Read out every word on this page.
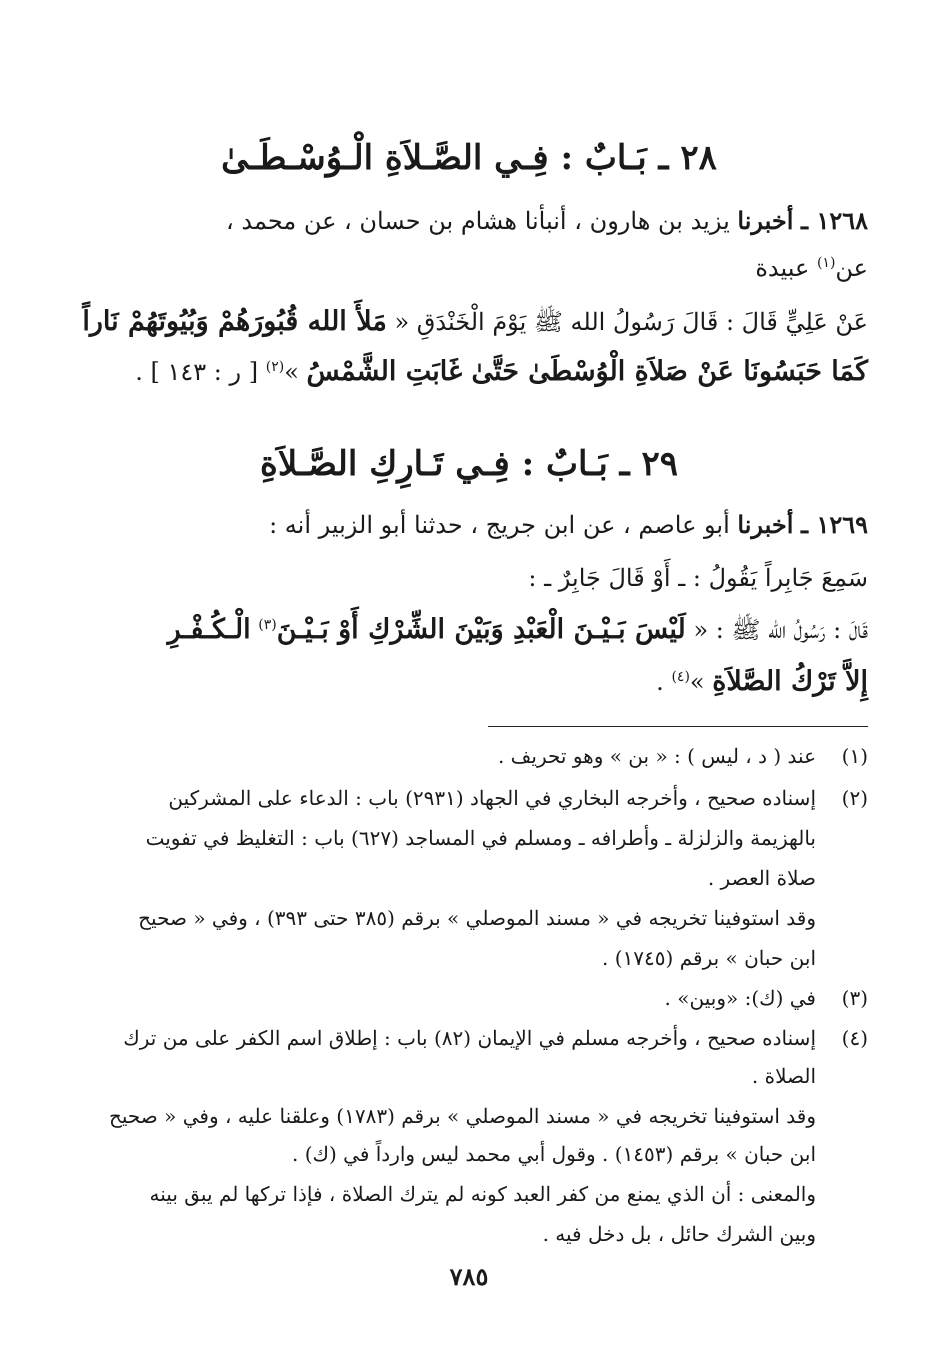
٢٨ ـ بَـابٌ : فِـي الصَّـلاَةِ الْـوُسْـطَـىٰ
١٢٦٨ ـ أخبرنا يزيد بن هارون ، أنبأنا هشام بن حسان ، عن محمد ،
عن$^{(١)}$ عبيدة
عَنْ عَلِيٍّ قَالَ : قَالَ رَسُولُ الله ﷺ يَوْمَ الْخَنْدَقِ « مَلأَ الله قُبُورَهُمْ وَبُيُوتَهُمْ نَاراً
كَمَا حَبَسُونَا عَنْ صَلاَةِ الْوُسْطَىٰ حَتَّىٰ غَابَتِ الشَّمْسُ »$^{(٢)}$ [ ر : ١٤٣ ] .
٢٩ ـ بَـابٌ : فِـي تَـارِكِ الصَّـلاَةِ
١٢٦٩ ـ أخبرنا أبو عاصم ، عن ابن جريج ، حدثنا أبو الزبير أنه :
سَمِعَ جَابِراً يَقُولُ : ـ أَوْ قَالَ جَابِرٌ ـ :
قَالَ : رَسُولُ الله ﷺ : « لَيْسَ بَـيْـنَ الْعَبْدِ وَبَيْنَ الشِّرْكِ أَوْ بَـيْـنَ$^{(٣)}$ الْـكُـفْـرِ
إِلاَّ تَرْكُ الصَّلاَةِ »$^{(٤)}$ .
(١)
عند ( د ، ليس ) : « بن » وهو تحريف .
(٢)
إسناده صحيح ، وأخرجه البخاري في الجهاد (٢٩٣١) باب : الدعاء على المشركين
بالهزيمة والزلزلة ـ وأطرافه ـ ومسلم في المساجد (٦٢٧) باب : التغليظ في تفويت
صلاة العصر .
وقد استوفينا تخريجه في « مسند الموصلي » برقم (٣٨٥ حتى ٣٩٣) ، وفي « صحيح
ابن حبان » برقم (١٧٤٥) .
(٣)
في (ك): «وبين» .
(٤)
إسناده صحيح ، وأخرجه مسلم في الإيمان (٨٢) باب : إطلاق اسم الكفر على من ترك
الصلاة .
وقد استوفينا تخريجه في « مسند الموصلي » برقم (١٧٨٣) وعلقنا عليه ، وفي « صحيح
ابن حبان » برقم (١٤٥٣) . وقول أبي محمد ليس وارداً في (ك) .
والمعنى : أن الذي يمنع من كفر العبد كونه لم يترك الصلاة ، فإذا تركها لم يبق بينه
وبين الشرك حائل ، بل دخل فيه .
٧٨٥
